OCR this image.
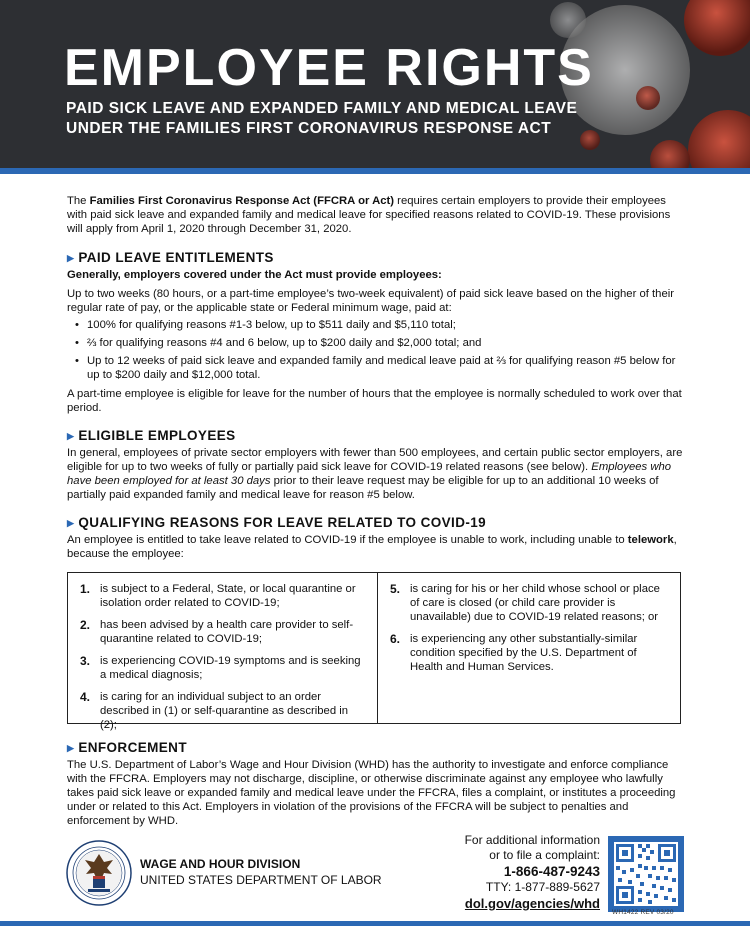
EMPLOYEE RIGHTS
PAID SICK LEAVE AND EXPANDED FAMILY AND MEDICAL LEAVE
UNDER THE FAMILIES FIRST CORONAVIRUS RESPONSE ACT

The Families First Coronavirus Response Act (FFCRA or Act) requires certain employers to provide their employees with paid sick leave and expanded family and medical leave for specified reasons related to COVID-19. These provisions will apply from April 1, 2020 through December 31, 2020.

▶ PAID LEAVE ENTITLEMENTS

Generally, employers covered under the Act must provide employees:

Up to two weeks (80 hours, or a part-time employee’s two-week equivalent) of paid sick leave based on the higher of their regular rate of pay, or the applicable state or Federal minimum wage, paid at:

• 100% for qualifying reasons #1-3 below, up to $511 daily and $5,110 total;
• ⅔ for qualifying reasons #4 and 6 below, up to $200 daily and $2,000 total; and
• Up to 12 weeks of paid sick leave and expanded family and medical leave paid at ⅔ for qualifying reason #5 below for up to $200 daily and $12,000 total.

A part-time employee is eligible for leave for the number of hours that the employee is normally scheduled to work over that period.

▶ ELIGIBLE EMPLOYEES

In general, employees of private sector employers with fewer than 500 employees, and certain public sector employers, are eligible for up to two weeks of fully or partially paid sick leave for COVID-19 related reasons (see below). Employees who have been employed for at least 30 days prior to their leave request may be eligible for up to an additional 10 weeks of partially paid expanded family and medical leave for reason #5 below.

▶ QUALIFYING REASONS FOR LEAVE RELATED TO COVID-19

An employee is entitled to take leave related to COVID-19 if the employee is unable to work, including unable to telework, because the employee:

1. is subject to a Federal, State, or local quarantine or isolation order related to COVID-19;
2. has been advised by a health care provider to self-quarantine related to COVID-19;
3. is experiencing COVID-19 symptoms and is seeking a medical diagnosis;
4. is caring for an individual subject to an order described in (1) or self-quarantine as described in (2);
5. is caring for his or her child whose school or place of care is closed (or child care provider is unavailable) due to COVID-19 related reasons; or
6. is experiencing any other substantially-similar condition specified by the U.S. Department of Health and Human Services.
▶ ENFORCEMENT

The U.S. Department of Labor’s Wage and Hour Division (WHD) has the authority to investigate and enforce compliance with the FFCRA. Employers may not discharge, discipline, or otherwise discriminate against any employee who lawfully takes paid sick leave or expanded family and medical leave under the FFCRA, files a complaint, or institutes a proceeding under or related to this Act. Employers in violation of the provisions of the FFCRA will be subject to penalties and enforcement by WHD.

WAGE AND HOUR DIVISION
UNITED STATES DEPARTMENT OF LABOR
For additional information
or to file a complaint:
1-866-487-9243
TTY: 1-877-889-5627
dol.gov/agencies/whd
WH1422 REV 03/20
